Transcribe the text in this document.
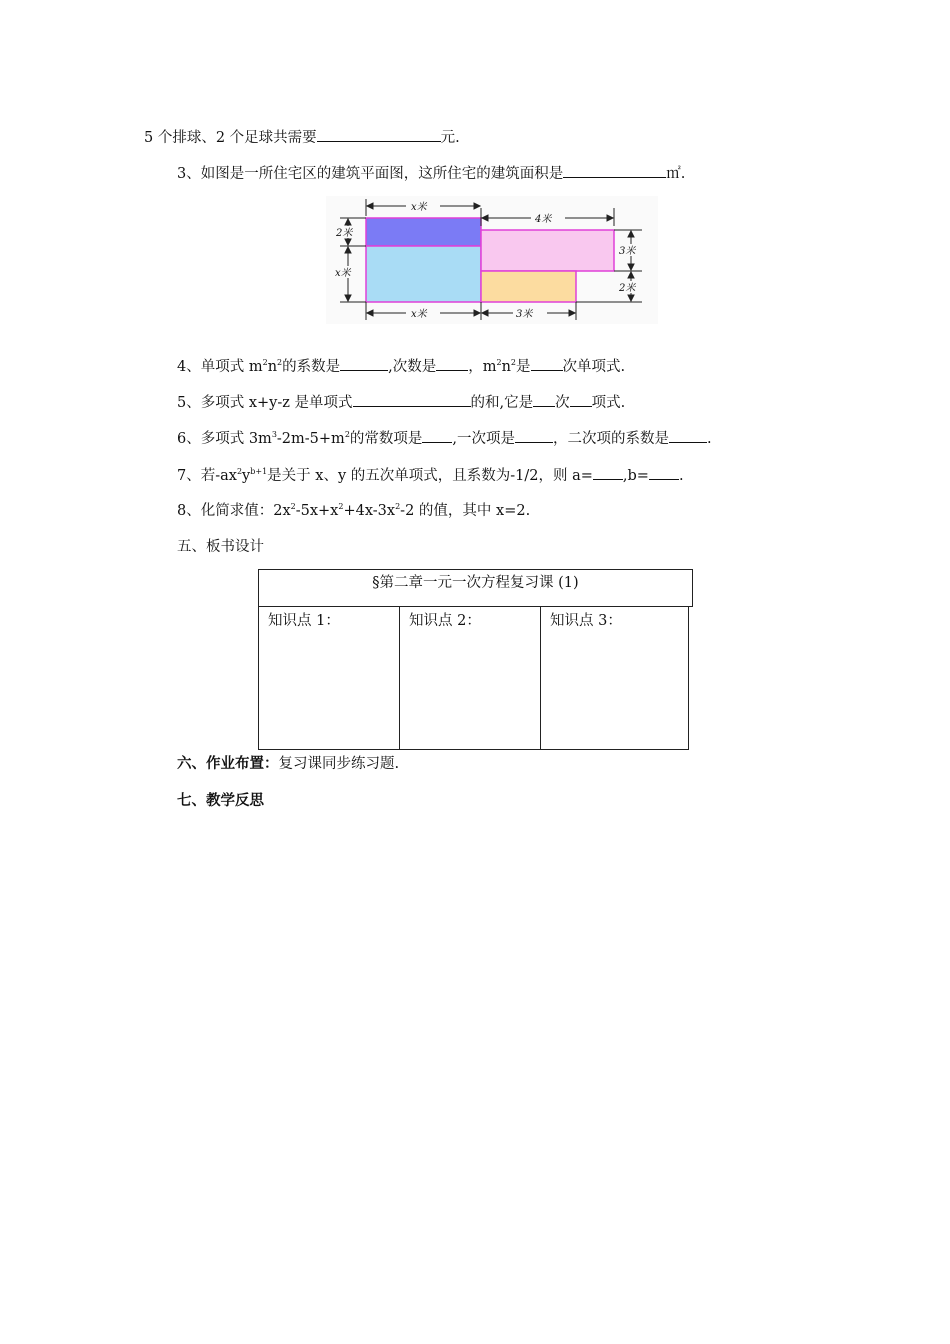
5 个排球、2 个足球共需要	元.
3、如图是一所住宅区的建筑平面图，这所住宅的建筑面积是	㎡.
x米
4米
2米
x米
3米
2米
x米	3米
4、单项式 $m^2n^2$的系数是	,次数是 ，$m^2n^2$是 次单项式.
5、多项式 x+y-z 是单项式	的和,它是 次 项式.
6、多项式 $3m^3-2m-5+m^2$的常数项是 ,一次项是	，二次项的系数是	.
7、若$-ax^2y^{b+1}$是关于 x、y 的五次单项式，且系数为-1/2，则 a= ,b= .
8、化简求值：$2x^2-5x+x^2+4x-3x^2-2$ 的值，其中 x=2.
五、板书设计
§第二章一元一次方程复习课 (1)
知识点 1：	知识点 2：	知识点 3：
六、作业布置：复习课同步练习题.
七、教学反思
